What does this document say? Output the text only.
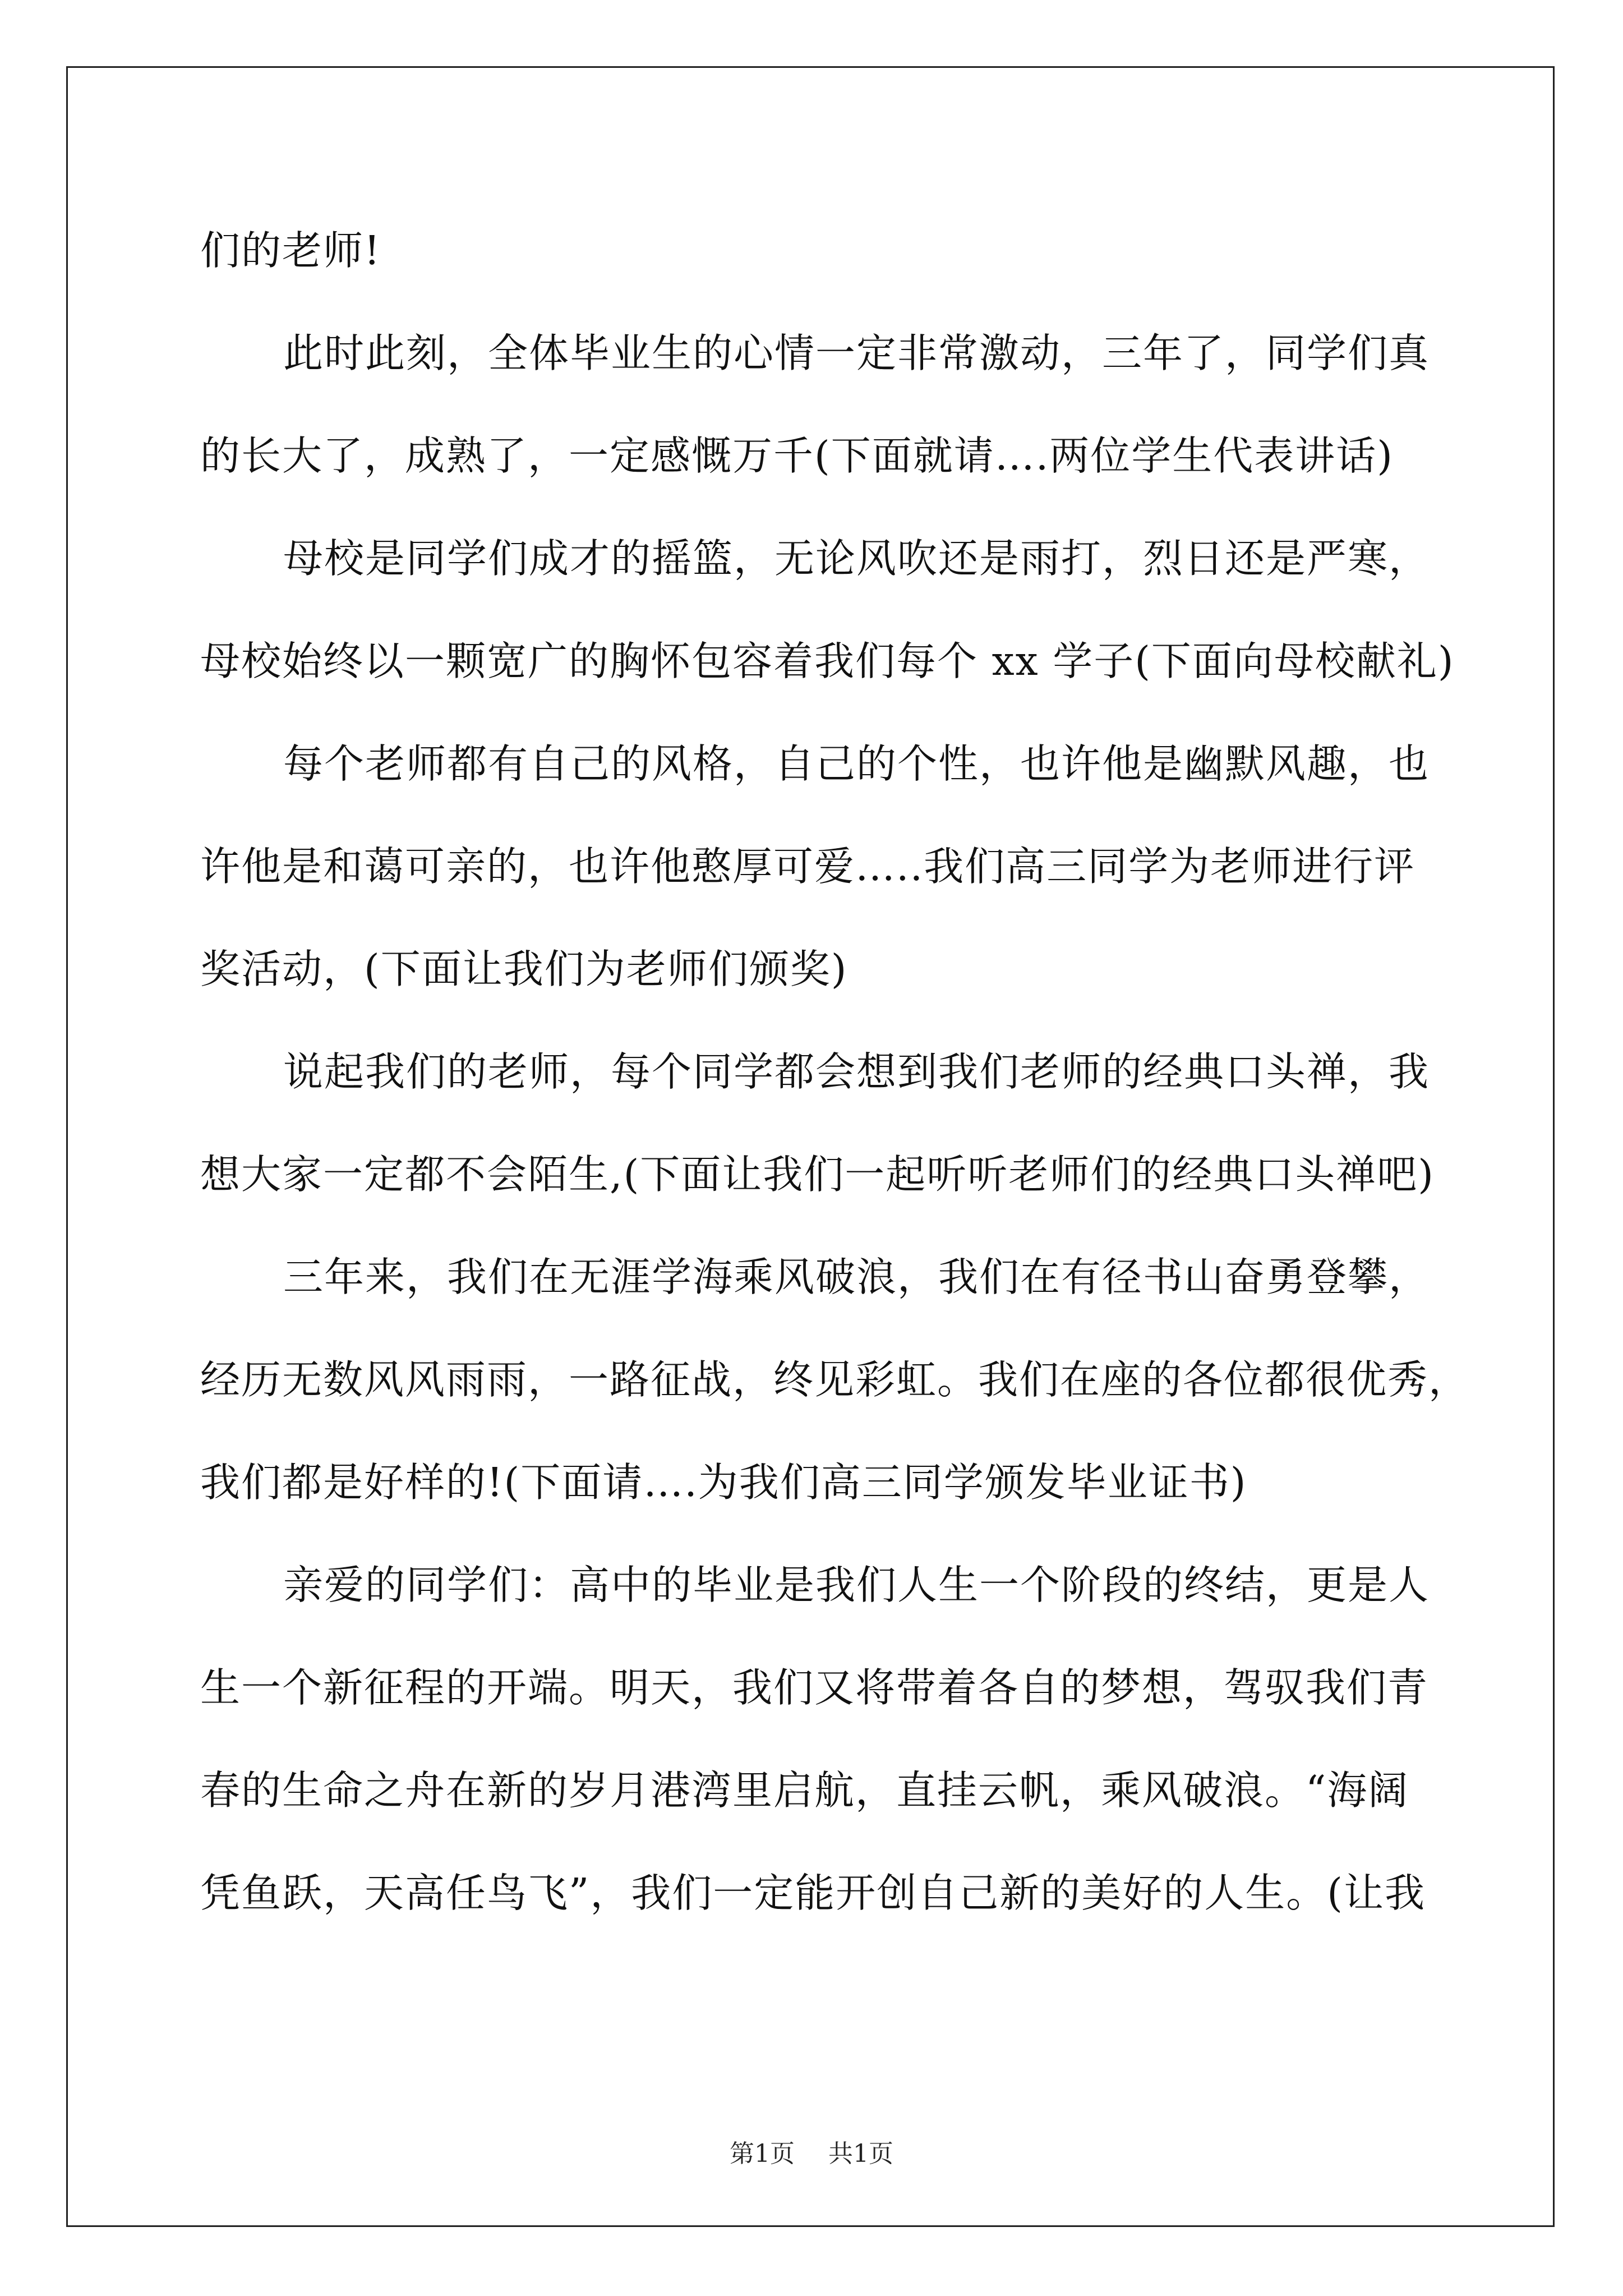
们的老师!
此时此刻，全体毕业生的心情一定非常激动，三年了，同学们真
的长大了，成熟了，一定感慨万千(下面就请….两位学生代表讲话)
母校是同学们成才的摇篮，无论风吹还是雨打，烈日还是严寒，
母校始终以一颗宽广的胸怀包容着我们每个 xx 学子(下面向母校献礼)
每个老师都有自己的风格，自己的个性，也许他是幽默风趣，也
许他是和蔼可亲的，也许他憨厚可爱…..我们高三同学为老师进行评
奖活动，(下面让我们为老师们颁奖)
说起我们的老师，每个同学都会想到我们老师的经典口头禅，我
想大家一定都不会陌生,(下面让我们一起听听老师们的经典口头禅吧)
三年来，我们在无涯学海乘风破浪，我们在有径书山奋勇登攀，
经历无数风风雨雨，一路征战，终见彩虹。我们在座的各位都很优秀，
我们都是好样的!(下面请….为我们高三同学颁发毕业证书)
亲爱的同学们：高中的毕业是我们人生一个阶段的终结，更是人
生一个新征程的开端。明天，我们又将带着各自的梦想，驾驭我们青
春的生命之舟在新的岁月港湾里启航，直挂云帆，乘风破浪。“海阔
凭鱼跃，天高任鸟飞”，我们一定能开创自己新的美好的人生。(让我
第1页 共1页
